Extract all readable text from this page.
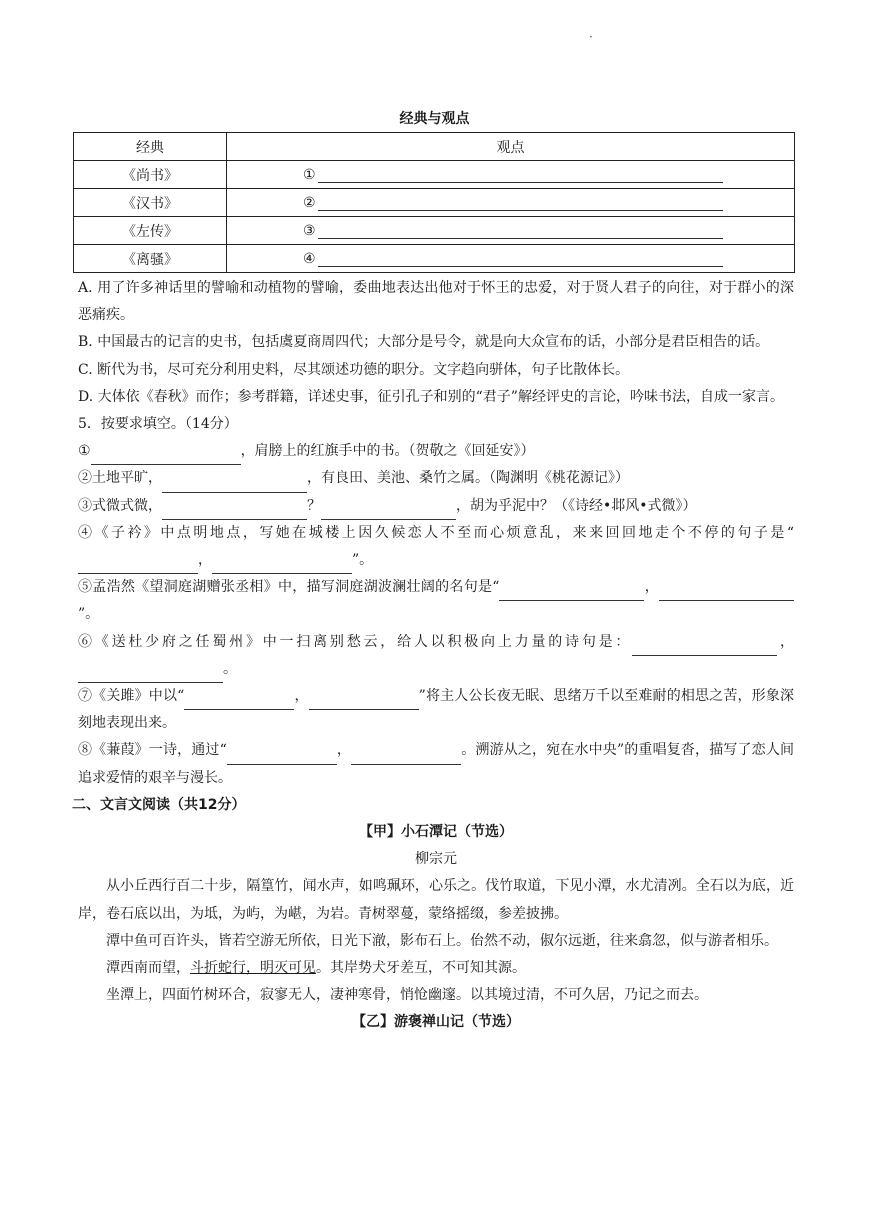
·
经典与观点
经典	观点
《尚书》	①
《汉书》	②
《左传》	③
《离骚》	④

A. 用了许多神话里的譬喻和动植物的譬喻，委曲地表达出他对于怀王的忠爱，对于贤人君子的向往，对于群小的深恶痛疾。

B. 中国最古的记言的史书，包括虞夏商周四代；大部分是号令，就是向大众宣布的话，小部分是君臣相告的话。

C. 断代为书，尽可充分利用史料，尽其颂述功德的职分。文字趋向骈体，句子比散体长。

D. 大体依《春秋》而作；参考群籍，详述史事，征引孔子和别的“君子”解经评史的言论，吟味书法，自成一家言。

5．按要求填空。（14分）

①	，肩膀上的红旗手中的书。（贺敬之《回延安》）

②土地平旷，	，有良田、美池、桑竹之属。（陶渊明《桃花源记》）

③式微式微，	？	，胡为乎泥中？（《诗经•邶风•式微》）

④《子衿》中点明地点，写她在城楼上因久候恋人不至而心烦意乱，来来回回地走个不停的句子是“，	”。

⑤孟浩然《望洞庭湖赠张丞相》中，描写洞庭湖波澜壮阔的名句是“	，”。

⑥《送杜少府之任蜀州》中一扫离别愁云，给人以积极向上力量的诗句是：	，。

⑦《关雎》中以“	，	”将主人公长夜无眠、思绪万千以至难耐的相思之苦，形象深刻地表现出来。

⑧《蒹葭》一诗，通过“	，	。溯游从之，宛在水中央”的重唱复沓，描写了恋人间追求爱情的艰辛与漫长。

二、文言文阅读（共12分）

【甲】小石潭记（节选）

柳宗元

从小丘西行百二十步，隔篁竹，闻水声，如鸣珮环，心乐之。伐竹取道，下见小潭，水尤清冽。全石以为底，近岸，卷石底以出，为坻，为屿，为嵁，为岩。青树翠蔓，蒙络摇缀，参差披拂。

潭中鱼可百许头，皆若空游无所依，日光下澈，影布石上。佁然不动，俶尔远逝，往来翕忽，似与游者相乐。

潭西南而望，斗折蛇行，明灭可见。其岸势犬牙差互，不可知其源。

坐潭上，四面竹树环合，寂寥无人，凄神寒骨，悄怆幽邃。以其境过清，不可久居，乃记之而去。

【乙】游褒禅山记（节选）
